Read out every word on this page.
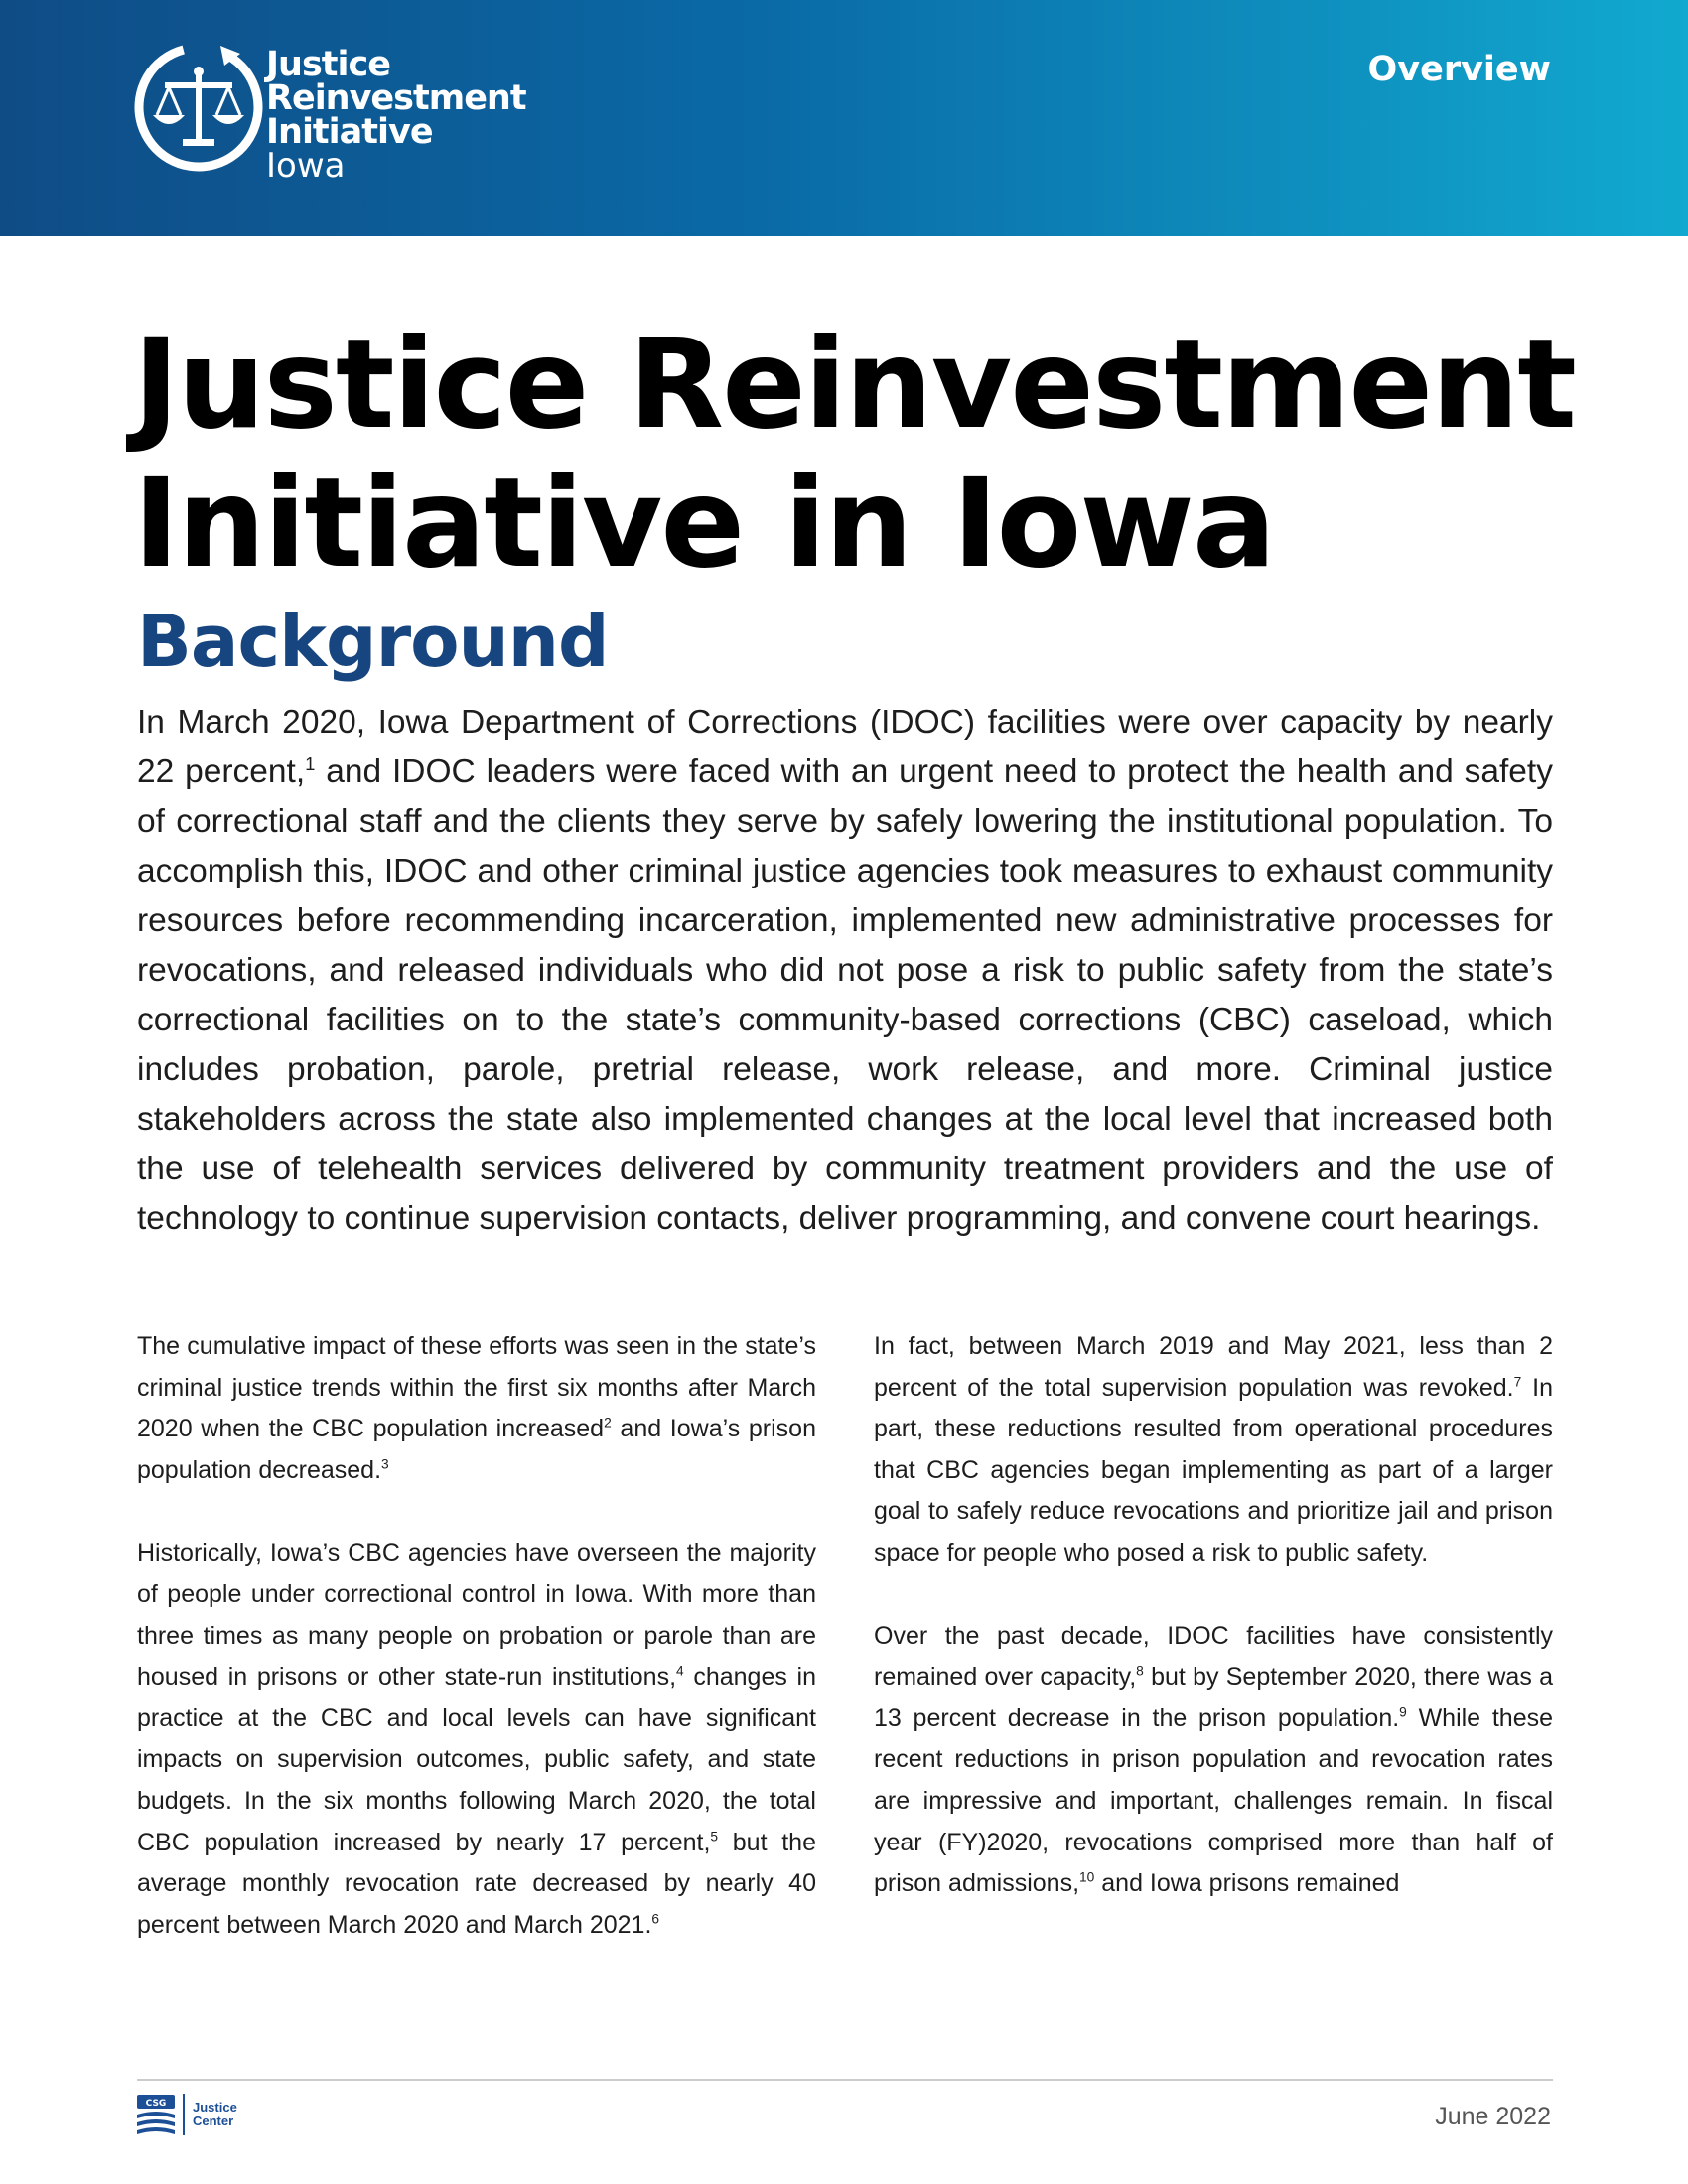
Justice
Reinvestment
Initiative
Iowa
Overview
Justice Reinvestment Initiative in Iowa
Background

In March 2020, Iowa Department of Corrections (IDOC) facilities were over capacity by nearly 22 percent,$^1$ and IDOC leaders were faced with an urgent need to protect the health and safety of correctional staff and the clients they serve by safely lowering the institutional population. To accomplish this, IDOC and other criminal justice agencies took measures to exhaust community resources before recommending incarceration, implemented new administrative processes for revocations, and released individuals who did not pose a risk to public safety from the state’s correctional facilities on to the state’s community-based corrections (CBC) caseload, which includes probation, parole, pretrial release, work release, and more. Criminal justice stakeholders across the state also implemented changes at the local level that increased both the use of telehealth services delivered by community treatment providers and the use of technology to continue supervision contacts, deliver programming, and convene court hearings.

The cumulative impact of these efforts was seen in the state’s criminal justice trends within the first six months after March 2020 when the CBC population increased$^2$ and Iowa’s prison population decreased.$^3$

Historically, Iowa’s CBC agencies have overseen the majority of people under correctional control in Iowa. With more than three times as many people on probation or parole than are housed in prisons or other state-run institutions,$^4$ changes in practice at the CBC and local levels can have significant impacts on supervision outcomes, public safety, and state budgets. In the six months following March 2020, the total CBC population increased by nearly 17 percent,$^5$ but the average monthly revocation rate decreased by nearly 40 percent between March 2020 and March 2021.$^6$

In fact, between March 2019 and May 2021, less than 2 percent of the total supervision population was revoked.$^7$ In part, these reductions resulted from operational procedures that CBC agencies began implementing as part of a larger goal to safely reduce revocations and prioritize jail and prison space for people who posed a risk to public safety.

Over the past decade, IDOC facilities have consistently remained over capacity,$^8$ but by September 2020, there was a 13 percent decrease in the prison population.$^9$ While these recent reductions in prison population and revocation rates are impressive and important, challenges remain. In fiscal year (FY)2020, revocations comprised more than half of prison admissions,$^{10}$ and Iowa prisons remained

CSG Justice
Center	June 2022
